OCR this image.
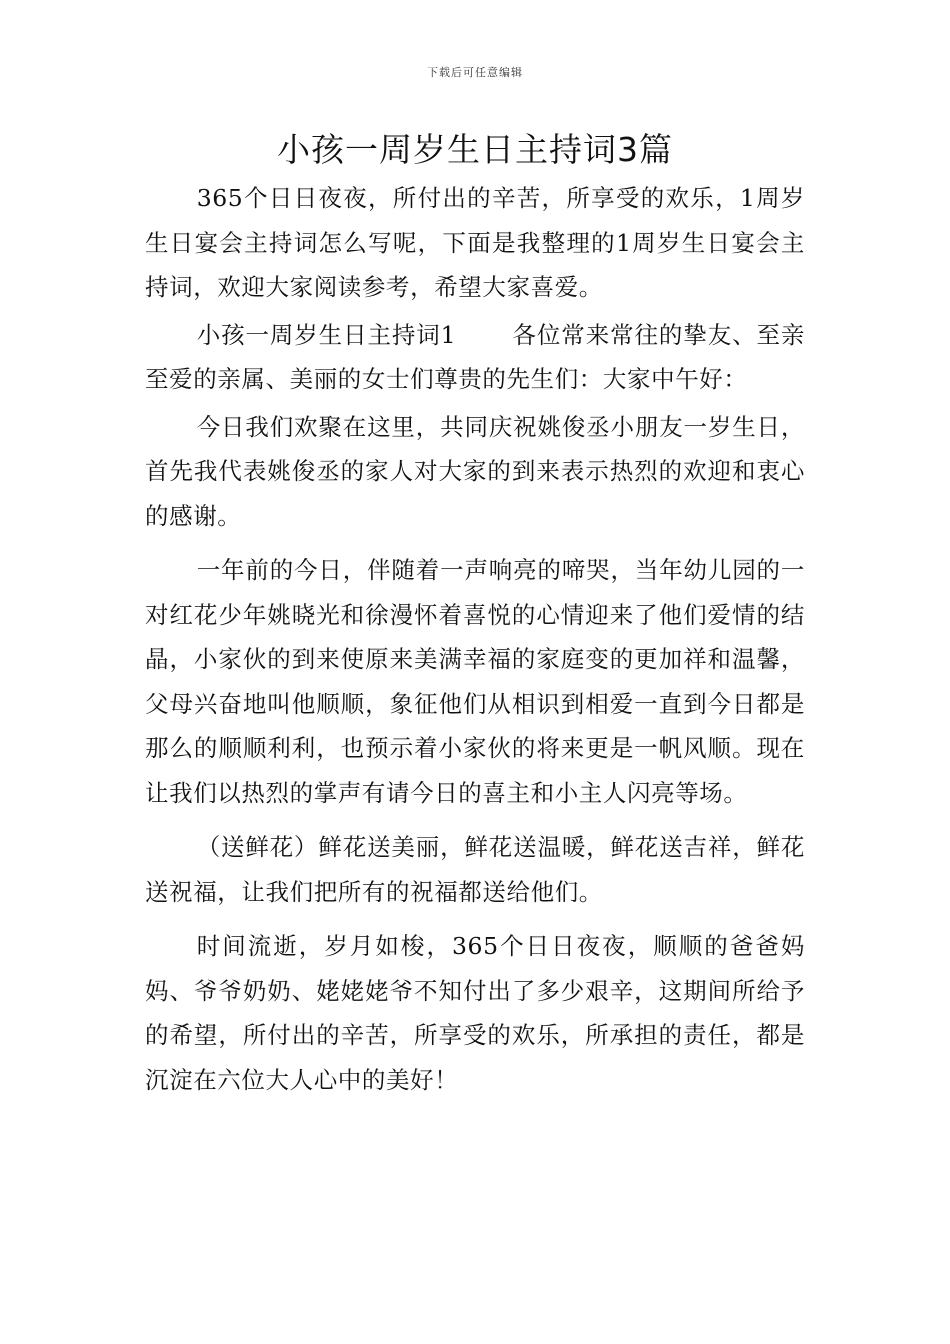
下载后可任意编辑
小孩一周岁生日主持词3篇

365个日日夜夜，所付出的辛苦，所享受的欢乐，1周岁生日宴会主持词怎么写呢，下面是我整理的1周岁生日宴会主持词，欢迎大家阅读参考，希望大家喜爱。

小孩一周岁生日主持词1 各位常来常往的挚友、至亲至爱的亲属、美丽的女士们尊贵的先生们：大家中午好：

今日我们欢聚在这里，共同庆祝姚俊丞小朋友一岁生日，首先我代表姚俊丞的家人对大家的到来表示热烈的欢迎和衷心的感谢。

一年前的今日，伴随着一声响亮的啼哭，当年幼儿园的一对红花少年姚晓光和徐漫怀着喜悦的心情迎来了他们爱情的结晶，小家伙的到来使原来美满幸福的家庭变的更加祥和温馨，父母兴奋地叫他顺顺，象征他们从相识到相爱一直到今日都是那么的顺顺利利，也预示着小家伙的将来更是一帆风顺。现在让我们以热烈的掌声有请今日的喜主和小主人闪亮等场。

（送鲜花）鲜花送美丽，鲜花送温暖，鲜花送吉祥，鲜花送祝福，让我们把所有的祝福都送给他们。

时间流逝，岁月如梭，365个日日夜夜，顺顺的爸爸妈妈、爷爷奶奶、姥姥姥爷不知付出了多少艰辛，这期间所给予的希望，所付出的辛苦，所享受的欢乐，所承担的责任，都是沉淀在六位大人心中的美好！
